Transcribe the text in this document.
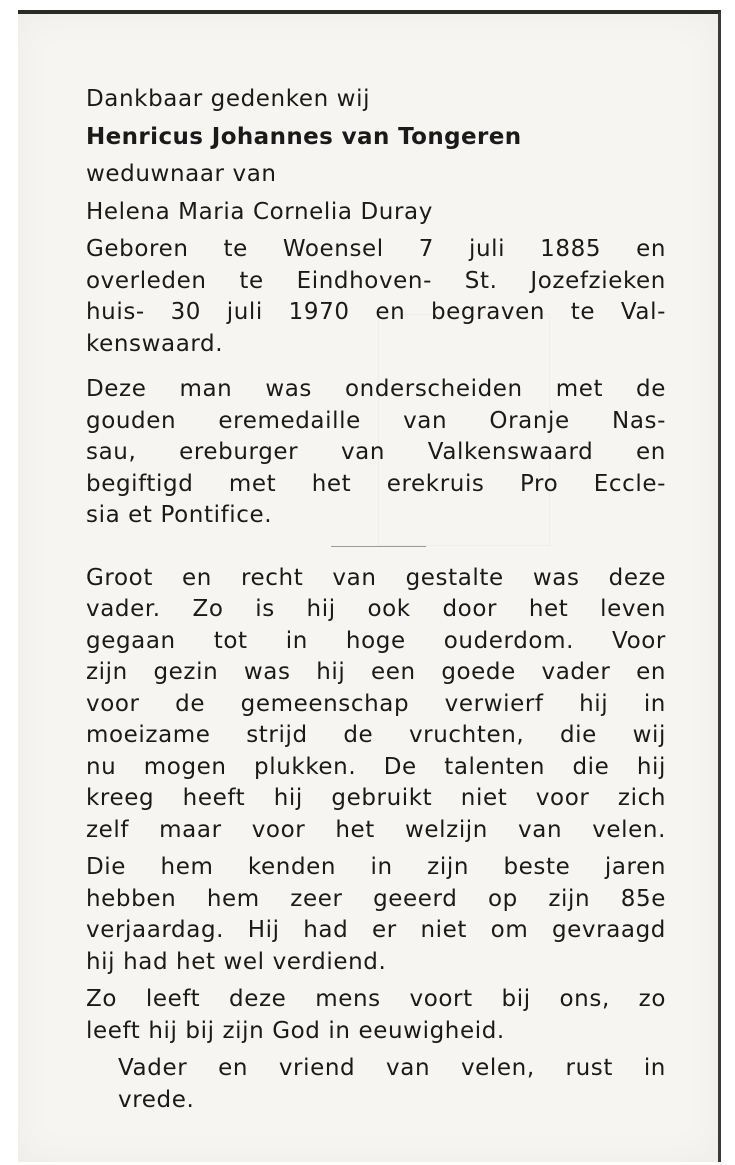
Dankbaar gedenken wij
Henricus Johannes van Tongeren
weduwnaar van
Helena Maria Cornelia Duray
Geboren te Woensel 7 juli 1885 en
overleden te Eindhoven- St. Jozefzieken
huis- 30 juli 1970 en begraven te Val-
kenswaard.
Deze man was onderscheiden met de
gouden eremedaille van Oranje Nas-
sau, ereburger van Valkenswaard en
begiftigd met het erekruis Pro Eccle-
sia et Pontifice.
Groot en recht van gestalte was deze
vader. Zo is hij ook door het leven
gegaan tot in hoge ouderdom. Voor
zijn gezin was hij een goede vader en
voor de gemeenschap verwierf hij in
moeizame strijd de vruchten, die wij
nu mogen plukken. De talenten die hij
kreeg heeft hij gebruikt niet voor zich
zelf maar voor het welzijn van velen.
Die hem kenden in zijn beste jaren
hebben hem zeer geeerd op zijn 85e
verjaardag. Hij had er niet om gevraagd
hij had het wel verdiend.
Zo leeft deze mens voort bij ons, zo
leeft hij bij zijn God in eeuwigheid.
Vader en vriend van velen, rust in
vrede.
